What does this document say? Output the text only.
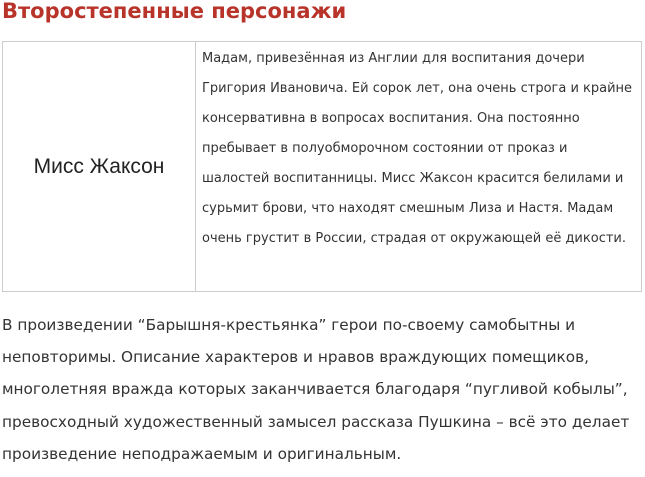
Второстепенные персонажи
Мисс Жаксон	
Мадам, привезённая из Англии для воспитания дочери Григория Ивановича. Ей сорок лет, она очень строга и крайне консервативна в вопросах воспитания. Она постоянно пребывает в полуобморочном состоянии от проказ и шалостей воспитанницы. Мисс Жаксон красится белилами и сурьмит брови, что находят смешным Лиза и Настя. Мадам очень грустит в России, страдая от окружающей её дикости.

В произведении “Барышня-крестьянка” герои по-своему самобытны и неповторимы. Описание характеров и нравов враждующих помещиков, многолетняя вражда которых заканчивается благодаря “пугливой кобылы”, превосходный художественный замысел рассказа Пушкина – всё это делает произведение неподражаемым и оригинальным.
